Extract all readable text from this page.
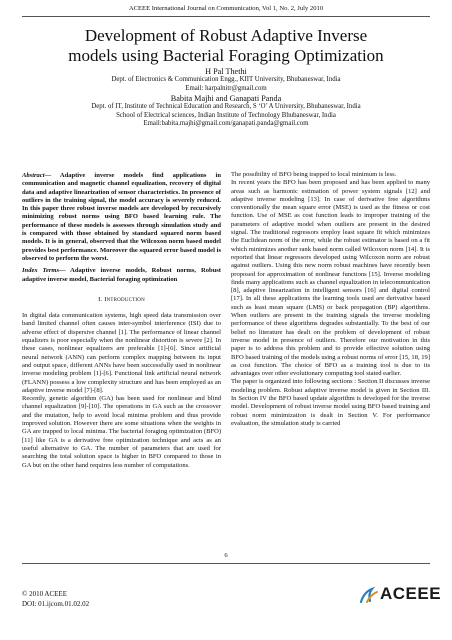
ACEEE International Journal on Communication, Vol 1, No. 2, July 2010
Development of Robust Adaptive Inverse
models using Bacterial Foraging Optimization
H Pal Thethi
Dept. of Electronics & Communication Engg., KIIT University, Bhubaneswar, India
Email: harpalnitr@gmail.com
Babita Majhi and Ganapati Panda
Dept. of IT, Institute of Technical Education and Research, S ‘O’ A University, Bhubaneswar, India
School of Electrical sciences, Indian Institute of Technology Bhubaneswar, India
Email:babita.majhi@gmail.com/ganapati.panda@gmail.com

Abstract— Adaptive inverse models find applications in communication and magnetic channel equalization, recovery of digital data and adaptive linearization of sensor characteristics. In presence of outliers in the training signal, the model accuracy is severely reduced. In this paper three robust inverse models are developed by recursively minimizing robust norms using BFO based learning rule. The performance of these models is assesses through simulation study and is compared with those obtained by standard squared norm based models. It is in general, observed that the Wilcoxon norm based model provides best performance. Moreover the squared error based model is observed to perform the worst.

Index Terms— Adaptive inverse models, Robust norms, Robust adaptive inverse model, Bacterial foraging optimization

I. Introduction

In digital data communication systems, high speed data transmission over band limited channel often causes inter-symbol interference (ISI) due to adverse effect of dispersive channel [1]. The performance of linear channel equalizers is poor especially when the nonlinear distortion is severe [2]. In these cases, nonlinear equalizers are preferable [1]-[6]. Since artificial neural network (ANN) can perform complex mapping between its input and output space, different ANNs have been successfully used in nonlinear inverse modeling problem [1]-[6]. Functional link artificial neural network (FLANN) possess a low complexity structure and has been employed as an adaptive inverse model [7]-[8].

Recently, genetic algorithm (GA) has been used for nonlinear and blind channel equalization [9]-[10]. The operations in GA such as the crossover and the mutation, help to avoid local minima problem and thus provide improved solution. However there are some situations when the weights in GA are trapped to local minima. The bacterial foraging optimization (BFO) [11] like GA is a derivative free optimization technique and acts as an useful alternative to GA. The number of parameters that are used for searching the total solution space is higher in BFO compared to those in GA but on the other hand requires less number of computations.

The possibility of BFO being trapped to local minimum is less.

In recent years the BFO has been proposed and has been applied to many areas such as harmonic estimation of power system signals [12] and adaptive inverse modeling [13]. In case of derivative free algorithms conventionally the mean square error (MSE) is used as the fitness or cost function. Use of MSE as cost function leads to improper training of the parameters of adaptive model when outliers are present in the desired signal. The traditional regressors employ least square fit which minimizes the Euclidean norm of the error, while the robust estimator is based on a fit which minimizes another rank based norm called Wilcoxon norm [14]. It is reported that linear regressors developed using Wilcoxon norm are robust against outliers. Using this new norm robust machines have recently been proposed for approximation of nonlinear functions [15]. Inverse modeling finds many applications such as channel equalization in telecommunication [8], adaptive linearization in intelligent sensors [16] and digital control [17]. In all these applications the learning tools used are derivative based such as least mean square (LMS) or back propagation (BP) algorithms. When outliers are present in the training signals the inverse modeling performance of these algorithms degrades substantially. To the best of our belief no literature has dealt on the problem of development of robust inverse model in presence of outliers. Therefore our motivation in this paper is to address this problem and to provide effective solution using BFO based training of the models using a robust norms of error [15, 18, 19] as cost function. The choice of BFO as a training tool is due to its advantages over other evolutionary computing tool stated earlier.

The paper is organized into following sections : Section II discusses inverse modeling problem. Robust adaptive inverse model is given in Section III. In Section IV the BFO based update algorithm is developed for the inverse model. Development of robust inverse model using BFO based training and robust norm minimization is dealt in Section V. For performance evaluation, the simulation study is carried

6
© 2010 ACEEE
DOI: 01.ijcom.01.02.02
ACEEE
